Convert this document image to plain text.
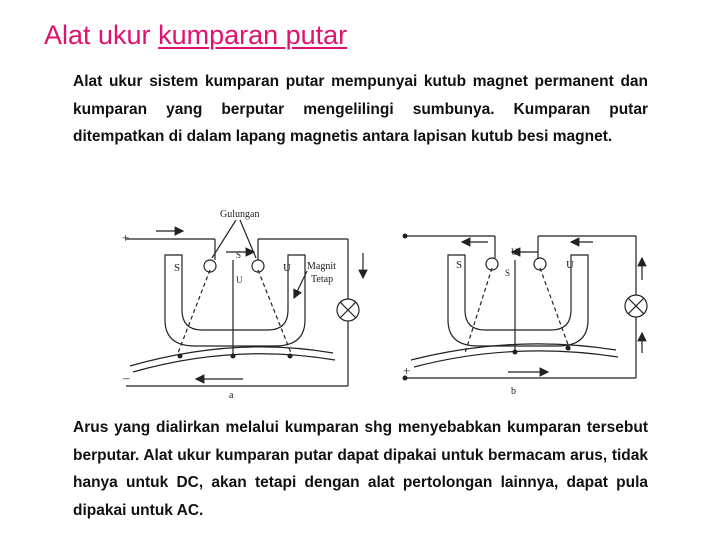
Alat ukur kumparan putar

Alat ukur sistem kumparan putar mempunyai kutub magnet permanent dan kumparan yang berputar mengelilingi sumbunya. Kumparan putar ditempatkan di dalam lapang magnetis antara lapisan kutub besi magnet.

Gulungan
Magnit
Tetap
S	U
S
U
+
–
a
S	U
U
S
+
b

Arus yang dialirkan melalui kumparan shg menyebabkan kumparan tersebut berputar. Alat ukur kumparan putar dapat dipakai untuk bermacam arus, tidak hanya untuk DC, akan tetapi dengan alat pertolongan lainnya, dapat pula dipakai untuk AC.
